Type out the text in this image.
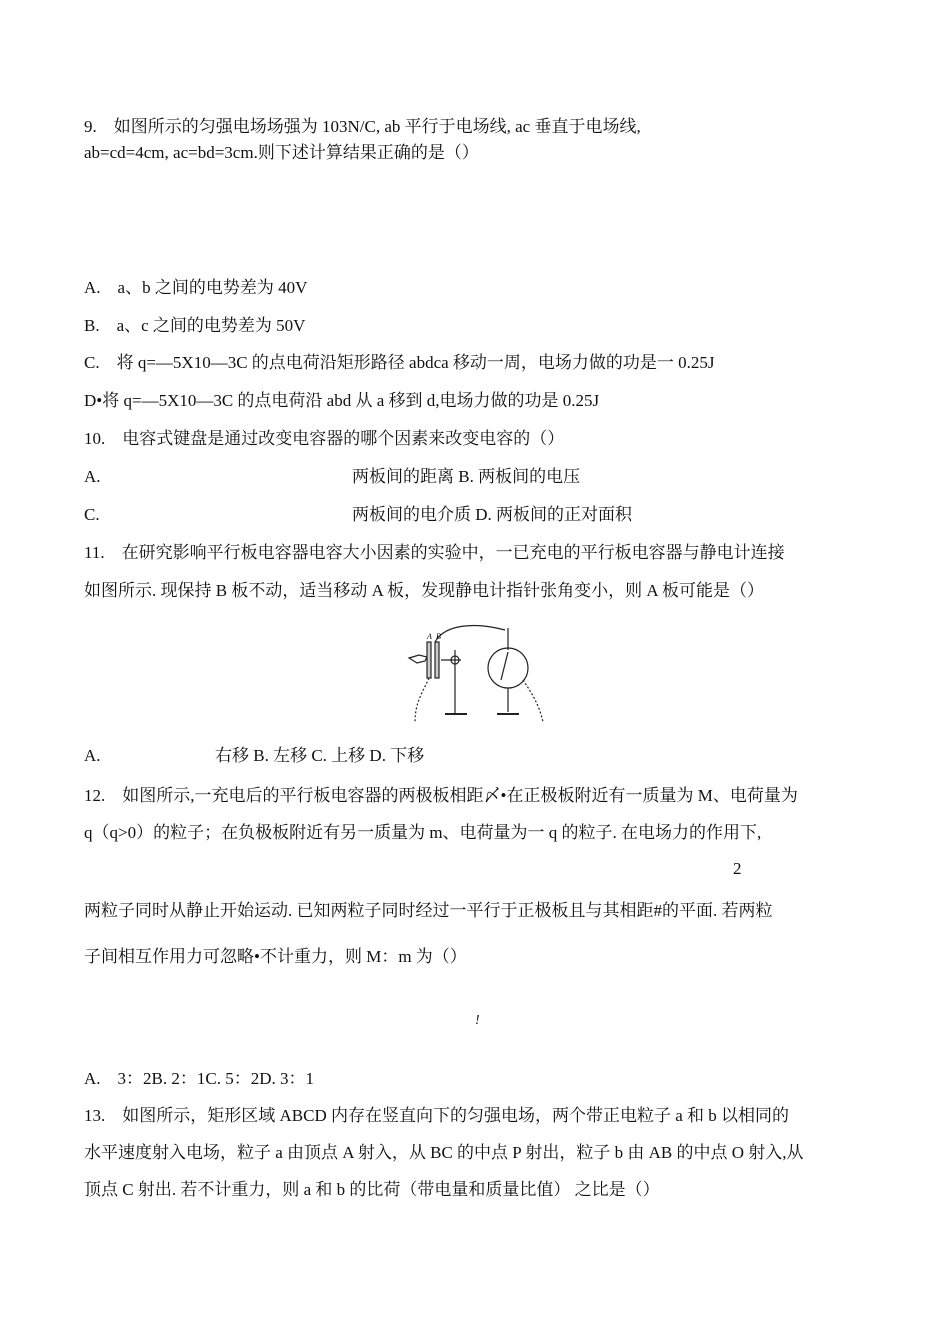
9.　如图所示的匀强电场场强为 103N/C, ab 平行于电场线, ac 垂直于电场线,
ab=cd=4cm, ac=bd=3cm.则下述计算结果正确的是（）
A.　a、b 之间的电势差为 40V
B.　a、c 之间的电势差为 50V
C.　将 q=—5X10—3C 的点电荷沿矩形路径 abdca 移动一周，电场力做的功是一 0.25J
D•将 q=—5X10—3C 的点电荷沿 abd 从 a 移到 d,电场力做的功是 0.25J
10.　电容式键盘是通过改变电容器的哪个因素来改变电容的（）
A.	两板间的距离 B. 两板间的电压
C.	两板间的电介质 D. 两板间的正对面积
11.　在研究影响平行板电容器电容大小因素的实验中，一已充电的平行板电容器与静电计连接
如图所示. 现保持 B 板不动，适当移动 A 板，发现静电计指针张角变小，则 A 板可能是（）
A B
A.	右移 B. 左移 C. 上移 D. 下移
12.　如图所示,一充电后的平行板电容器的两极板相距〆•在正极板附近有一质量为 M、电荷量为
q（q>0）的粒子；在负极板附近有另一质量为 m、电荷量为一 q 的粒子. 在电场力的作用下,
2
两粒子同时从静止开始运动. 已知两粒子同时经过一平行于正极板且与其相距#的平面. 若两粒
子间相互作用力可忽略•不计重力，则 M：m 为（）
!
A.　3：2B. 2：1C. 5：2D. 3：1
13.　如图所示，矩形区域 ABCD 内存在竖直向下的匀强电场，两个带正电粒子 a 和 b 以相同的
水平速度射入电场，粒子 a 由顶点 A 射入，从 BC 的中点 P 射出，粒子 b 由 AB 的中点 O 射入,从
顶点 C 射出. 若不计重力，则 a 和 b 的比荷（带电量和质量比值） 之比是（）
